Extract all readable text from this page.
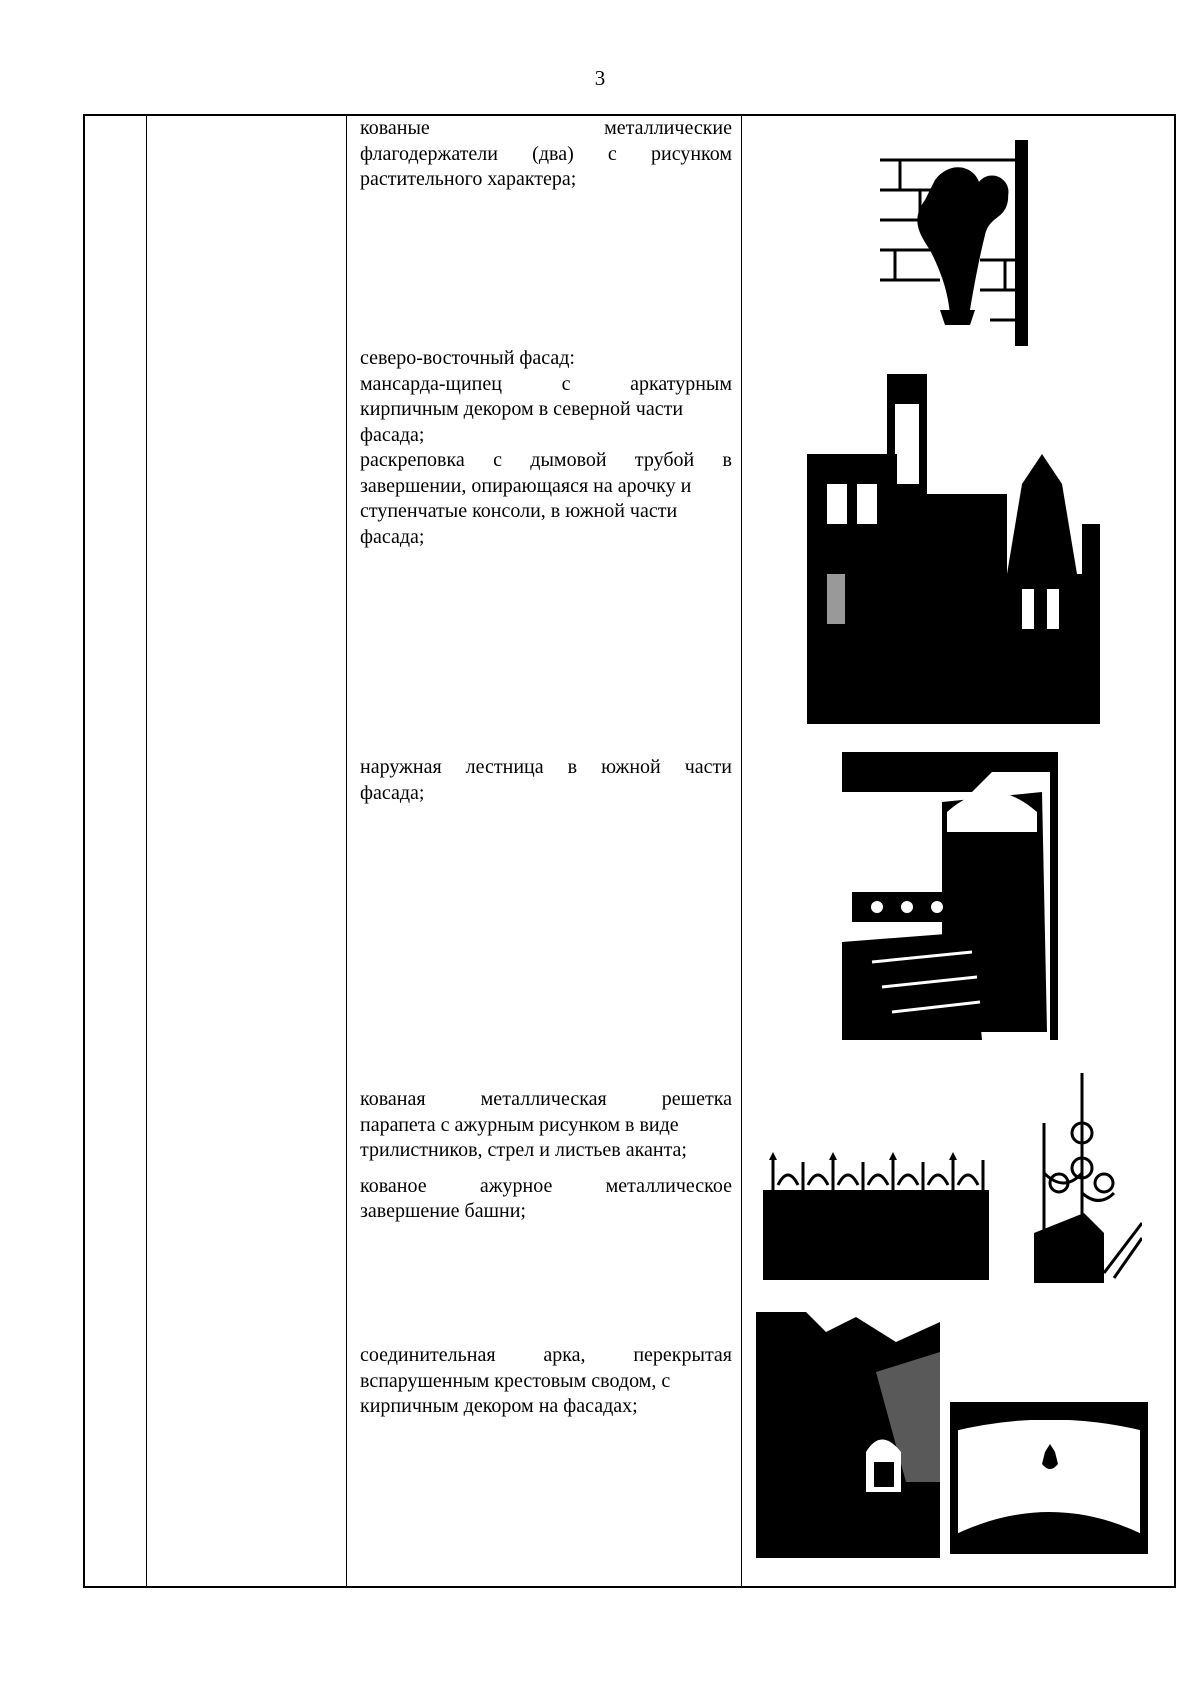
3

кованые металлические

флагодержатели (два) с рисунком

растительного характера;

северо-восточный фасад:

мансарда-щипец с аркатурным

кирпичным декором в северной части

фасада;

раскреповка с дымовой трубой в

завершении, опирающаяся на арочку и

ступенчатые консоли, в южной части

фасада;

наружная лестница в южной части

фасада;

кованая металлическая решетка

парапета с ажурным рисунком в виде

трилистников, стрел и листьев аканта;

кованое ажурное металлическое

завершение башни;

соединительная арка, перекрытая

вспарушенным крестовым сводом, с

кирпичным декором на фасадах;
